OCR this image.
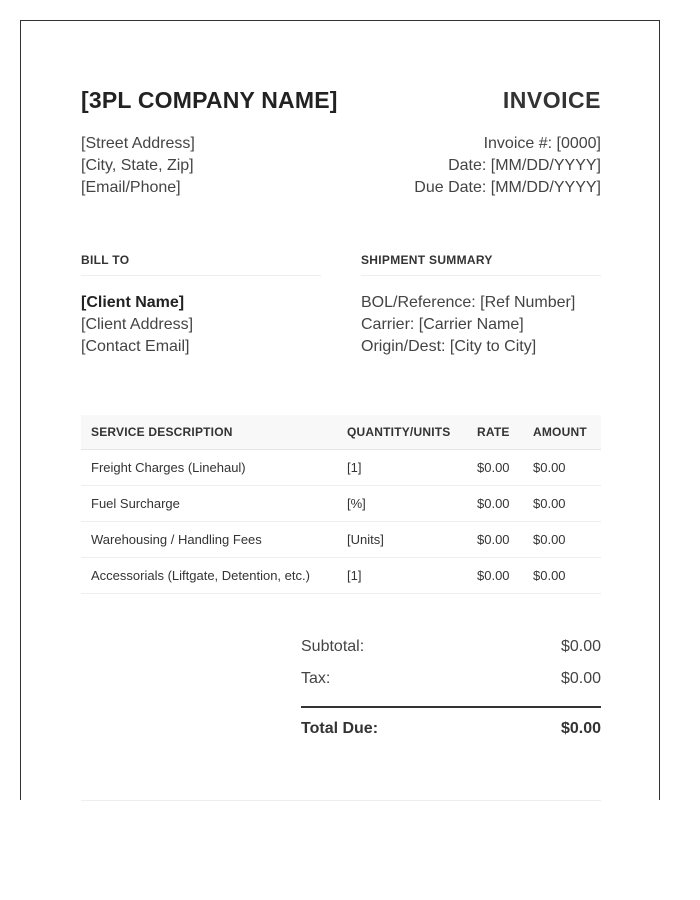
[3PL COMPANY NAME]	INVOICE
[Street Address]
[City, State, Zip]
[Email/Phone]
Invoice #: [0000]
Date: [MM/DD/YYYY]
Due Date: [MM/DD/YYYY]
BILL TO
[Client Name]
[Client Address]
[Contact Email]
SHIPMENT SUMMARY
BOL/Reference: [Ref Number]
Carrier: [Carrier Name]
Origin/Dest: [City to City]
SERVICE DESCRIPTION	QUANTITY/UNITS	RATE	AMOUNT
Freight Charges (Linehaul)	[1]	$0.00	$0.00
Fuel Surcharge	[%]	$0.00	$0.00
Warehousing / Handling Fees	[Units]	$0.00	$0.00
Accessorials (Liftgate, Detention, etc.)	[1]	$0.00	$0.00
Subtotal:	$0.00
Tax:	$0.00
Total Due:	$0.00
